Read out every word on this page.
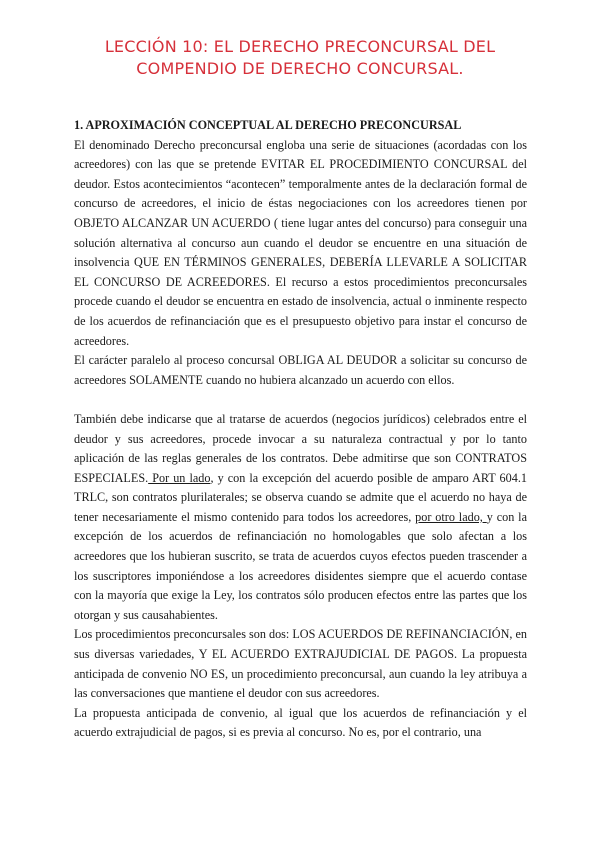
LECCIÓN 10: EL DERECHO PRECONCURSAL DEL
COMPENDIO DE DERECHO CONCURSAL.

1. APROXIMACIÓN CONCEPTUAL AL DERECHO PRECONCURSAL

El denominado Derecho preconcursal engloba una serie de situaciones (acordadas con los acreedores) con las que se pretende EVITAR EL PROCEDIMIENTO CONCURSAL del deudor. Estos acontecimientos “acontecen” temporalmente antes de la declaración formal de concurso de acreedores, el inicio de éstas negociaciones con los acreedores tienen por OBJETO ALCANZAR UN ACUERDO ( tiene lugar antes del concurso) para conseguir una solución alternativa al concurso aun cuando el deudor se encuentre en una situación de insolvencia QUE EN TÉRMINOS GENERALES, DEBERÍA LLEVARLE A SOLICITAR EL CONCURSO DE ACREEDORES. El recurso a estos procedimientos preconcursales procede cuando el deudor se encuentra en estado de insolvencia, actual o inminente respecto de los acuerdos de refinanciación que es el presupuesto objetivo para instar el concurso de acreedores.

El carácter paralelo al proceso concursal OBLIGA AL DEUDOR a solicitar su concurso de acreedores SOLAMENTE cuando no hubiera alcanzado un acuerdo con ellos.

También debe indicarse que al tratarse de acuerdos (negocios jurídicos) celebrados entre el deudor y sus acreedores, procede invocar a su naturaleza contractual y por lo tanto aplicación de las reglas generales de los contratos. Debe admitirse que son CONTRATOS ESPECIALES. Por un lado, y con la excepción del acuerdo posible de amparo ART 604.1 TRLC, son contratos plurilaterales; se observa cuando se admite que el acuerdo no haya de tener necesariamente el mismo contenido para todos los acreedores, por otro lado, y con la excepción de los acuerdos de refinanciación no homologables que solo afectan a los acreedores que los hubieran suscrito, se trata de acuerdos cuyos efectos pueden trascender a los suscriptores imponiéndose a los acreedores disidentes siempre que el acuerdo contase con la mayoría que exige la Ley, los contratos sólo producen efectos entre las partes que los otorgan y sus causahabientes.

Los procedimientos preconcursales son dos: LOS ACUERDOS DE REFINANCIACIÓN, en sus diversas variedades, Y EL ACUERDO EXTRAJUDICIAL DE PAGOS. La propuesta anticipada de convenio NO ES, un procedimiento preconcursal, aun cuando la ley atribuya a las conversaciones que mantiene el deudor con sus acreedores.

La propuesta anticipada de convenio, al igual que los acuerdos de refinanciación y el acuerdo extrajudicial de pagos, si es previa al concurso. No es, por el contrario, una
